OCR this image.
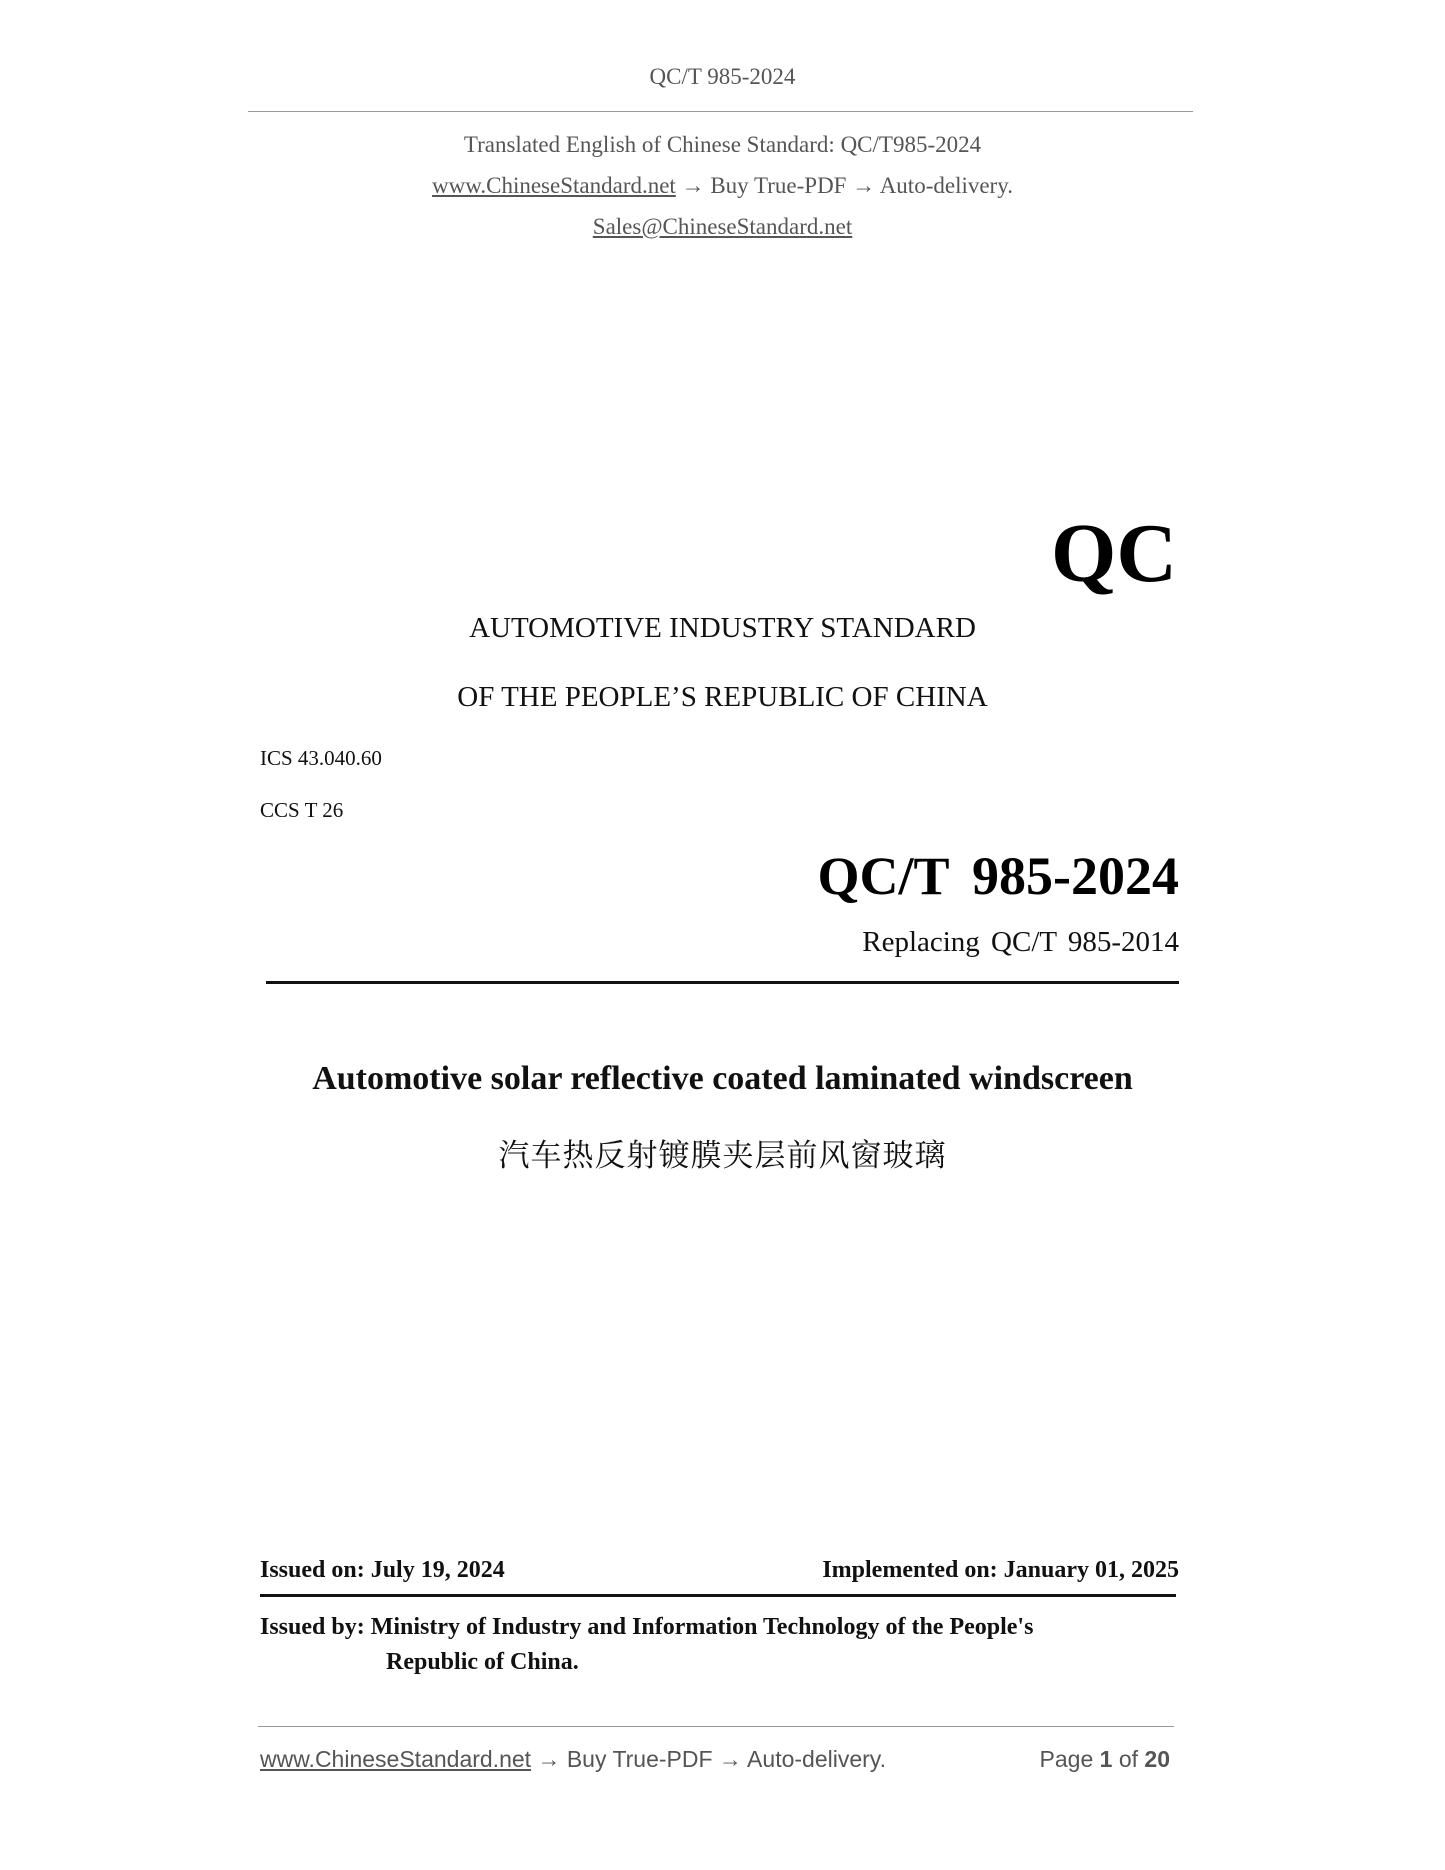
QC/T 985-2024
Translated English of Chinese Standard: QC/T985-2024
www.ChineseStandard.net → Buy True-PDF → Auto-delivery.
Sales@ChineseStandard.net
QC
AUTOMOTIVE INDUSTRY STANDARD
OF THE PEOPLE’S REPUBLIC OF CHINA
ICS 43.040.60
CCS T 26
QC/T 985-2024
Replacing QC/T 985-2014
Automotive solar reflective coated laminated windscreen
汽车热反射镀膜夹层前风窗玻璃
Issued on: July 19, 2024	Implemented on: January 01, 2025
Issued by: Ministry of Industry and Information Technology of the People's
Republic of China.
www.ChineseStandard.net → Buy True-PDF → Auto-delivery.	Page 1 of 20
